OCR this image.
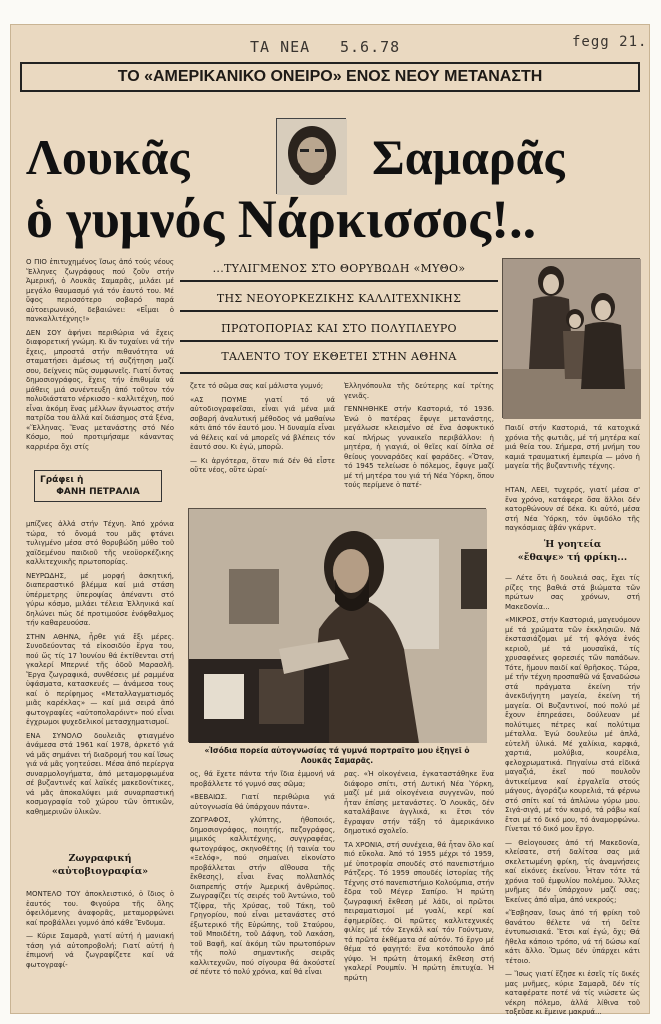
TA NEA 5.6.78	fegg 21.
ΤΟ «ΑΜΕΡΙΚΑΝΙΚΟ ΟΝΕΙΡΟ» ΕΝΟΣ ΝΕΟΥ ΜΕΤΑΝΑΣΤΗ
Λουκᾶς	Σαμαρᾶς
ὁ γυμνός Νάρκισσος!..

Ο ΠΙΟ ἐπιτυχημένος ἴσως ἀπό τούς νέους Ἕλληνες ζωγράφους πού ζοῦν στήν Ἀμερική, ὁ Λουκᾶς Σαμαρᾶς, μιλάει μέ μεγάλο θαυμασμό γιά τόν ἑαυτό του. Μέ ὕφος περισσότερο σοβαρό παρά αὐτοειρωνικό, δεβαιώνει: «Εἶμαι ὁ πανκαλλιτέχνης!»

ΔΕΝ ΣΟΥ ἀφήνει περιθώρια νά ἔχεις διαφορετική γνώμη. Κι ἄν τυχαίνει νά τήν ἔχεις, μπροστά στήν πιθανότητα νά σταματήσει ἀμέσως τή συζήτηση μαζί σου, δείχνεις πῶς συμφωνεῖς. Γιατί ὅντας δημοσιογράφος, ἔχεις τήν ἐπιθυμία νά μάθεις μιά συνέντευξη ἀπό τοῦτον τόν πολυδιάστατο νέρκισσο - καλλιτέχνη, πού εἶναι ἀκόμη ἕνας μέλλων ἄγνωστος στήν πατρίδα του ἀλλά καί διάσημος στά ξένα, «Ἕλληνας. Ἕνας μετανάστης στό Νέο Κόσμο, πού προτιμήσαμε κάναντας καρριέρα ὄχι στίς

Γράφει ἡ
ΦΑΝΗ ΠΕΤΡΑΛΙΑ

μπίζνες ἀλλά στήν Τέχνη. Ἀπό χρόνια τώρα, τό ὄνομά του μᾶς φτάνει τυλιγμένο μέσα στό θορυβώδη μύθο τοῦ χαϊδεμένου παιδιοῦ τῆς νεοϋορκέζικης καλλιτεχνικῆς πρωτοπορίας.

ΝΕΥΡΩΔΗΣ, μέ μορφή ἀσκητική, διαπεραστικό βλέμμα καί μιά στάση ὑπέρμετρης ὑπεροψίας ἀπέναντι στό γύρω κόσμο, μιλάει τέλεια Ἑλληνικά καί δηλώνει πώς δέ προτιμούσε ἐνόφθαλμος τήν καθαρευούσα.

ΣΤΗΝ ΑΘΗΝΑ, ἦρθε γιά ἔξι μέρες. Συνοδεύοντας τά εἰκοσιδύο ἔργα του, πού ὥς τίς 17 Ἰουνίου θά ἐκτίθενται στή γκαλερί Μπερνιέ τῆς ὁδοῦ Μαρασλῆ. Ἔργα ζωγραφικά, συνθέσεις μέ ραμμένα ὑφάσματα, κατασκευές — ἀνάμεσα τους καί ὁ περίφημος «Μεταλλαγματισμός μιᾶς καρέκλας» — καί μιά σειρά ἀπό φωτογραφίες «αὐτοπολαρόιντ» πού εἶναι ἐγχρωμοι ψυχεδελικοί μετασχηματισμοί.

ΕΝΑ ΣΥΝΟΛΟ δουλειᾶς φτιαγμένο ἀνάμεσα στά 1961 καί 1978, ἀρκετό γιά νά μᾶς σημάνει τή διαδρομή του καί ἴσως γιά νά μᾶς γοητεύσει. Μέσα ἀπό περίεργα συναρμολογήματα, ἀπό μεταμορφωμένα σέ βυζαντινές καί λαϊκές μακεδονίτικες, νά μᾶς ἀποκαλύψει μιά συναρπαστική κοσμογραφία τοῦ χώρου τῶν ὁπτικῶν, καθημερινῶν ὑλικῶν.

Ζωγραφική
«αὐτοβιογραφία»

ΜΟΝΤΕΛΟ ΤΟΥ ἀποκλειστικό, ὁ ἴδιος ὁ ἑαυτός του. Φιγούρα τῆς ὅλης ὀφειλόμενης ἀναφορᾶς, μεταμορφώνει καί προβάλλει γυμνό ἀπό κάθε Ἔνδυμα.

— Κύριε Σαμαρᾶ, γιατί αὐτή ἡ μανιακή τάση γιά αὐτοπροβολή; Γιατί αὐτή ἡ ἐπιμονή νά ζωγραφίζετε καί νά φωτογραφί-

...ΤΥΛΙΓΜΕΝΟΣ ΣΤΟ ΘΟΡΥΒΩΔΗ «ΜΥΘΟ»
ΤΗΣ ΝΕΟΥΟΡΚΕΖΙΚΗΣ ΚΑΛΛΙΤΕΧΝΙΚΗΣ
ΠΡΩΤΟΠΟΡΙΑΣ ΚΑΙ ΣΤΟ ΠΟΛΥΠΛΕΥΡΟ
ΤΑΛΕΝΤΟ ΤΟΥ ΕΚΘΕΤΕΙ ΣΤΗΝ ΑΘΗΝΑ

ζετε τό σῶμα σας καί μάλιστα γυμνό;

«ΑΣ ΠΟΥΜΕ γιατί τό νά αὐτοδιογραφεῖσαι, εἶναι γιά μένα μιά σοβαρή ἀναλυτική μέθοδος νά μαθαίνω κάτι ἀπό τόν ἑαυτό μου. Ἡ δυναμία εἶναι νά θέλεις καί νά μπορεῖς νά βλέπεις τόν ἑαυτό σου. Κι ἐγώ, μπορῶ.

— Κι ἀργότερα, ὅταν πιά δέν θά εἶστε οὔτε νέος, οὔτε ὡραί-

Ἑλληνόπουλα τῆς δεύτερης καί τρίτης γενιᾶς.

ΓΕΝΝΗΘΗΚΕ στήν Καστοριά, τό 1936. Ἐνώ ὁ πατέρας ἔφυγε μετανάστης, μεγάλωσε κλεισμένο σέ ἕνα ἀσφυκτικό καί πλήρως γυναικεῖο περιβάλλον: ἡ μητέρα, ἡ γιαγιά, οἱ θεῖες καί δίπλα σέ θείους γουναράδες καί φαράδες. «Ὅταν, τό 1945 τελείωσε ὁ πόλεμος, ἔφυγε μαζί μέ τή μητέρα του γιά τή Νέα Ὑόρκη, ὅπου τούς περίμενε ὁ πατέ-

«Ἰσόδια πορεία αὐτογνωσίας τά γυμνά πορτραῖτο μου ἐξηγεῖ ὁ Λουκᾶς Σαμαρᾶς.

ος, θά ἔχετε πάντα τήν ἴδια ἐμμονή νά προβάλλετε τό γυμνό σας σῶμα;

«ΒΕΒΑΙΩΣ. Γιατί περιθώρια γιά αὐτογνωσία θά ὑπάρχουν πάντα».

ΖΩΓΡΑΦΟΣ, γλύπτης, ἠθοποιός, δημοσιογράφος, ποιητής, πεζογράφος, μιμικός καλλιτέχνης, συγγραφέας, φωτογράφος, σκηνοθέτης (ἡ ταινία του «Ξελόφ», πού σημαίνει εἰκονίστο προβάλλεται στήν αἴθουσα τῆς ἔκθεσης), εἶναι ἕνας πολλαπλός διαπρεπής στήν Ἀμερική ἀνθρώπος. Ζωγραφίζει τίς σειρές τοῦ Ἀντώνιο, τοῦ Τζίφρα, τῆς Χρύσας, τοῦ Τάκη, τοῦ Γρηγορίου, πού εἶναι μετανάστες στό ἐξωτερικό τῆς Εὐρώπης, τοῦ Σταύρου, τοῦ Μποιδέτη, τοῦ Δάφνη, τοῦ Λακάση, τοῦ Βαφῆ, καί ἀκόμη τῶν πρωτοπόρων τῆς πολύ σημαντικῆς σειρᾶς καλλιτεχνῶν, πού σίγουρα θά ἀκούστεί σέ πέντε τό πολύ χρόνια, καί θά εἶναι

ρας. «Ἡ οἰκογένεια, ἐγκαταστάθηκε ἕνα διάφορο σπίτι, στή Δυτική Νέα Ὑόρκη, μαζί μέ μιά οἰκογένεια συγγενῶν, πού ἦταν ἐπίσης μετανάστες. Ὁ Λουκᾶς, δέν καταλάβαινε ἀγγλικά, κι ἔτσι τόν ἔγραψαν στήν τάξη τό ἀμερικάνικο δημοτικό σχολεῖο.

ΤΑ ΧΡΟΝΙΑ, στή συνέχεια, θά ἦταν ὅλο καί πιό εὔκολα. Ἀπό τό 1955 μέχρι τό 1959, μέ ὑποτροφία σπουδές στό πανεπιστήμιο Ράτζερς. Τό 1959 σπουδές ἱστορίας τῆς Τέχνης στό πανεπιστήμιο Κολούμπια, στήν ἔδρα τοῦ Μέγερ Σαπίρο. Ἡ πρώτη ζωγραφική ἔκθεση μέ λάδι, οἱ πρῶτοι πειραματισμοί μέ γυαλί, κερί καί ἐφημερίδες. Οἱ πρῶτες καλλιτεχνικές φιλίες μέ τόν Σεγκάλ καί τόν Γούντμαν, τά πρῶτα ἐκθέματα σέ αὐτόν. Τό ἔργο μέ θέμα τό φαγητό: ἕνα κοτόπουλο ἀπό γύψο. Ἡ πρώτη ἀτομική ἔκθεση στή γκαλερί Ρουμπίν. Ἡ πρώτη ἐπιτυχία. Ἡ πρώτη

Παιδί στήν Καστοριά, τά κατοχικά χρόνια τῆς φωτιᾶς, μέ τή μητέρα καί μιά θεία του. Σήμερα, στή μνήμη του καμιά τραυματική ἐμπειρία — μόνο ἡ μαγεία τῆς βυζαντινῆς τέχνης.

ΗΤΑΝ, ΛΕΕΙ, τυχερός, γιατί μέσα σ' ἕνα χρόνο, κατάφερε ὅσα ἄλλοι δέν κατορθώνουν σέ δέκα. Κι αὐτό, μέσα στή Νέα Ὑόρκη, τόν ὑψιδόλο τῆς παγκόσμιας ἀβάν γκάρντ.

Ἡ γοητεία
«ἔθαψε» τή φρίκη...

— Λέτε ὅτι ἡ δουλειά σας, ἔχει τίς ρίζες της βαθιά στά βιώματα τῶν πρώτων σας χρόνων, στή Μακεδονία...

«ΜΙΚΡΟΣ, στήν Καστοριά, μαγευόμουν μέ τά χρώματα τῶν ἐκκλησιῶν. Νά ἐκστασιάζομαι μέ τή φλόγα ἑνός κεριοῦ, μέ τά μουσαϊκά, τίς χρυσαφένιες φορεσιές τῶν παπάδων. Τότε, ἤμουν παιδί καί θρῆσκος. Τώρα, μέ τήν τέχνη προσπαθῶ νά ξαναδώσω στά πράγματα ἐκείνη τήν ἀνεκδιήγητη μαγεία, ἐκείνη τή μαγεία. Οἱ Βυζαντινοί, πού πολύ μέ ἔχουν ἐπηρεάσει, δούλευαν μέ πολύτιμες πέτρες καί πολύτιμα μέταλλα. Ἐγώ δουλεύω μέ ἁπλά, εὐτελῆ ὑλικά. Μέ χαλίκια, καρφιά, χαρτιά, μολύβια, κουρέλια, φελοχρωματικά. Πηγαίνω στά εἰδικά μαγαζιά, ἐκεῖ πού πουλοῦν ἀντικείμενα καί ἐργαλεῖα στούς μάγους, ἀγοράζω κουρελιά, τά φέρνω στό σπίτι καί τά ἀπλώνω γύρω μου. Σιγά-σιγά, μέ τόν καιρό, τά ράβω καί ἔτσι μέ τό δικό μου, τό ἀναμορφώνω. Γίνεται τό δικό μου ἔργο.

— Θεἱογουσες ἀπό τή Μακεδονία, κλείσατε, στή δαλίτσα σας μιά σκελετωμένη φρίκη, τίς ἀναμνήσεις καί εἰκόνες ἐκείνου. Ἦταν τότε τά χρόνια τοῦ ἐμφυλίου πολέμου. Ἄλλες μνῆμες δέν ὑπάρχουν μαζί σας; Ἐκείνες ἀπό αἷμα, ἀπό νεκρούς;

«Ἔσβησαν, ἴσως ἀπό τή φρίκη τοῦ θανάτου θέλετε νά τή δεῖτε ἐντυπωσιακά. Ἔτσι καί ἐγώ, ὄχι; Θά ἤθελα κάποιο τρόπο, νά τή δώσω καί κάτι ἄλλο. Ὅμως δέν ὑπάρχει κάτι τέτοιο.

— Ἴσως γιατί ἔζησε κι ἐσεῖς τίς δικές μας μνῆμες, κύριε Σαμαρᾶ, δέν τίς καταφέρατε ποτέ νά τίς νιώσετε ὡς νέκρη πόλεμο, ἀλλά λίθινα τοῦ τοξεῦσε κι ἔμεινε μακρυά...
